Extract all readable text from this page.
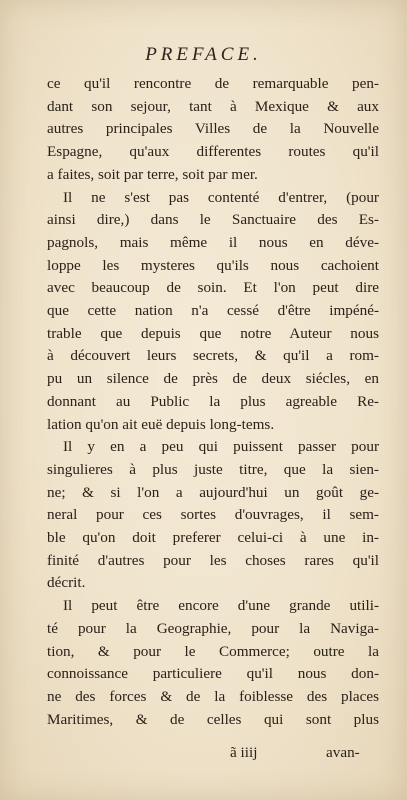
PREFACE.
ce qu'il rencontre de remarquable pen-
dant son sejour, tant à Mexique & aux
autres principales Villes de la Nouvelle
Espagne, qu'aux differentes routes qu'il
a faites, soit par terre, soit par mer.
Il ne s'est pas contenté d'entrer, (pour
ainsi dire,) dans le Sanctuaire des Es-
pagnols, mais même il nous en déve-
loppe les mysteres qu'ils nous cachoient
avec beaucoup de soin. Et l'on peut dire
que cette nation n'a cessé d'être impéné-
trable que depuis que notre Auteur nous
à découvert leurs secrets, & qu'il a rom-
pu un silence de près de deux siécles, en
donnant au Public la plus agreable Re-
lation qu'on ait euë depuis long-tems.
Il y en a peu qui puissent passer pour
singulieres à plus juste titre, que la sien-
ne; & si l'on a aujourd'hui un goût ge-
neral pour ces sortes d'ouvrages, il sem-
ble qu'on doit preferer celui-ci à une in-
finité d'autres pour les choses rares qu'il
décrit.
Il peut être encore d'une grande utili-
té pour la Geographie, pour la Naviga-
tion, & pour le Commerce; outre la
connoissance particuliere qu'il nous don-
ne des forces & de la foiblesse des places
Maritimes, & de celles qui sont plus
ã iiij	avan-
